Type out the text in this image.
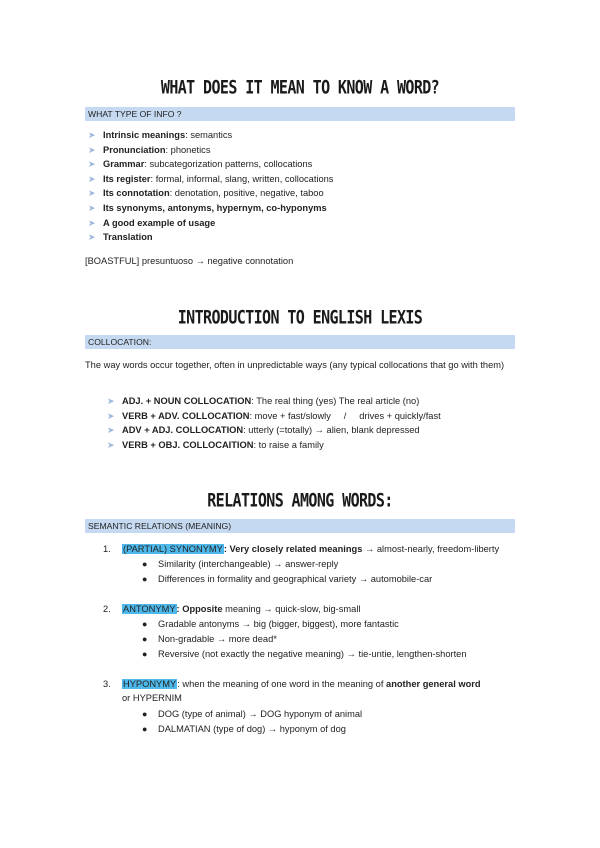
WHAT DOES IT MEAN TO KNOW A WORD?
WHAT TYPE OF INFO ?
➤ Intrinsic meanings: semantics
➤ Pronunciation: phonetics
➤ Grammar: subcategorization patterns, collocations
➤ Its register: formal, informal, slang, written, collocations
➤ Its connotation: denotation, positive, negative, taboo
➤ Its synonyms, antonyms, hypernym, co-hyponyms
➤ A good example of usage
➤ Translation
[BOASTFUL] presuntuoso → negative connotation
INTRODUCTION TO ENGLISH LEXIS
COLLOCATION:
The way words occur together, often in unpredictable ways (any typical collocations that go with them)
➤ ADJ. + NOUN COLLOCATION: The real thing (yes) The real article (no)
➤ VERB + ADV. COLLOCATION: move + fast/slowly     /     drives + quickly/fast
➤ ADV + ADJ. COLLOCATION: utterly (=totally) → alien, blank depressed
➤ VERB + OBJ. COLLOCAITION: to raise a family
RELATIONS AMONG WORDS:
SEMANTIC RELATIONS (MEANING)
1. (PARTIAL) SYNONYMY: Very closely related meanings → almost-nearly, freedom-liberty
● Similarity (interchangeable) → answer-reply
● Differences in formality and geographical variety → automobile-car
2. ANTONYMY: Opposite meaning → quick-slow, big-small
● Gradable antonyms → big (bigger, biggest), more fantastic
● Non-gradable → more dead*
● Reversive (not exactly the negative meaning) → tie-untie, lengthen-shorten
3. HYPONYMY: when the meaning of one word in the meaning of another general word
or HYPERNIM
● DOG (type of animal) → DOG hyponym of animal
● DALMATIAN (type of dog) → hyponym of dog
